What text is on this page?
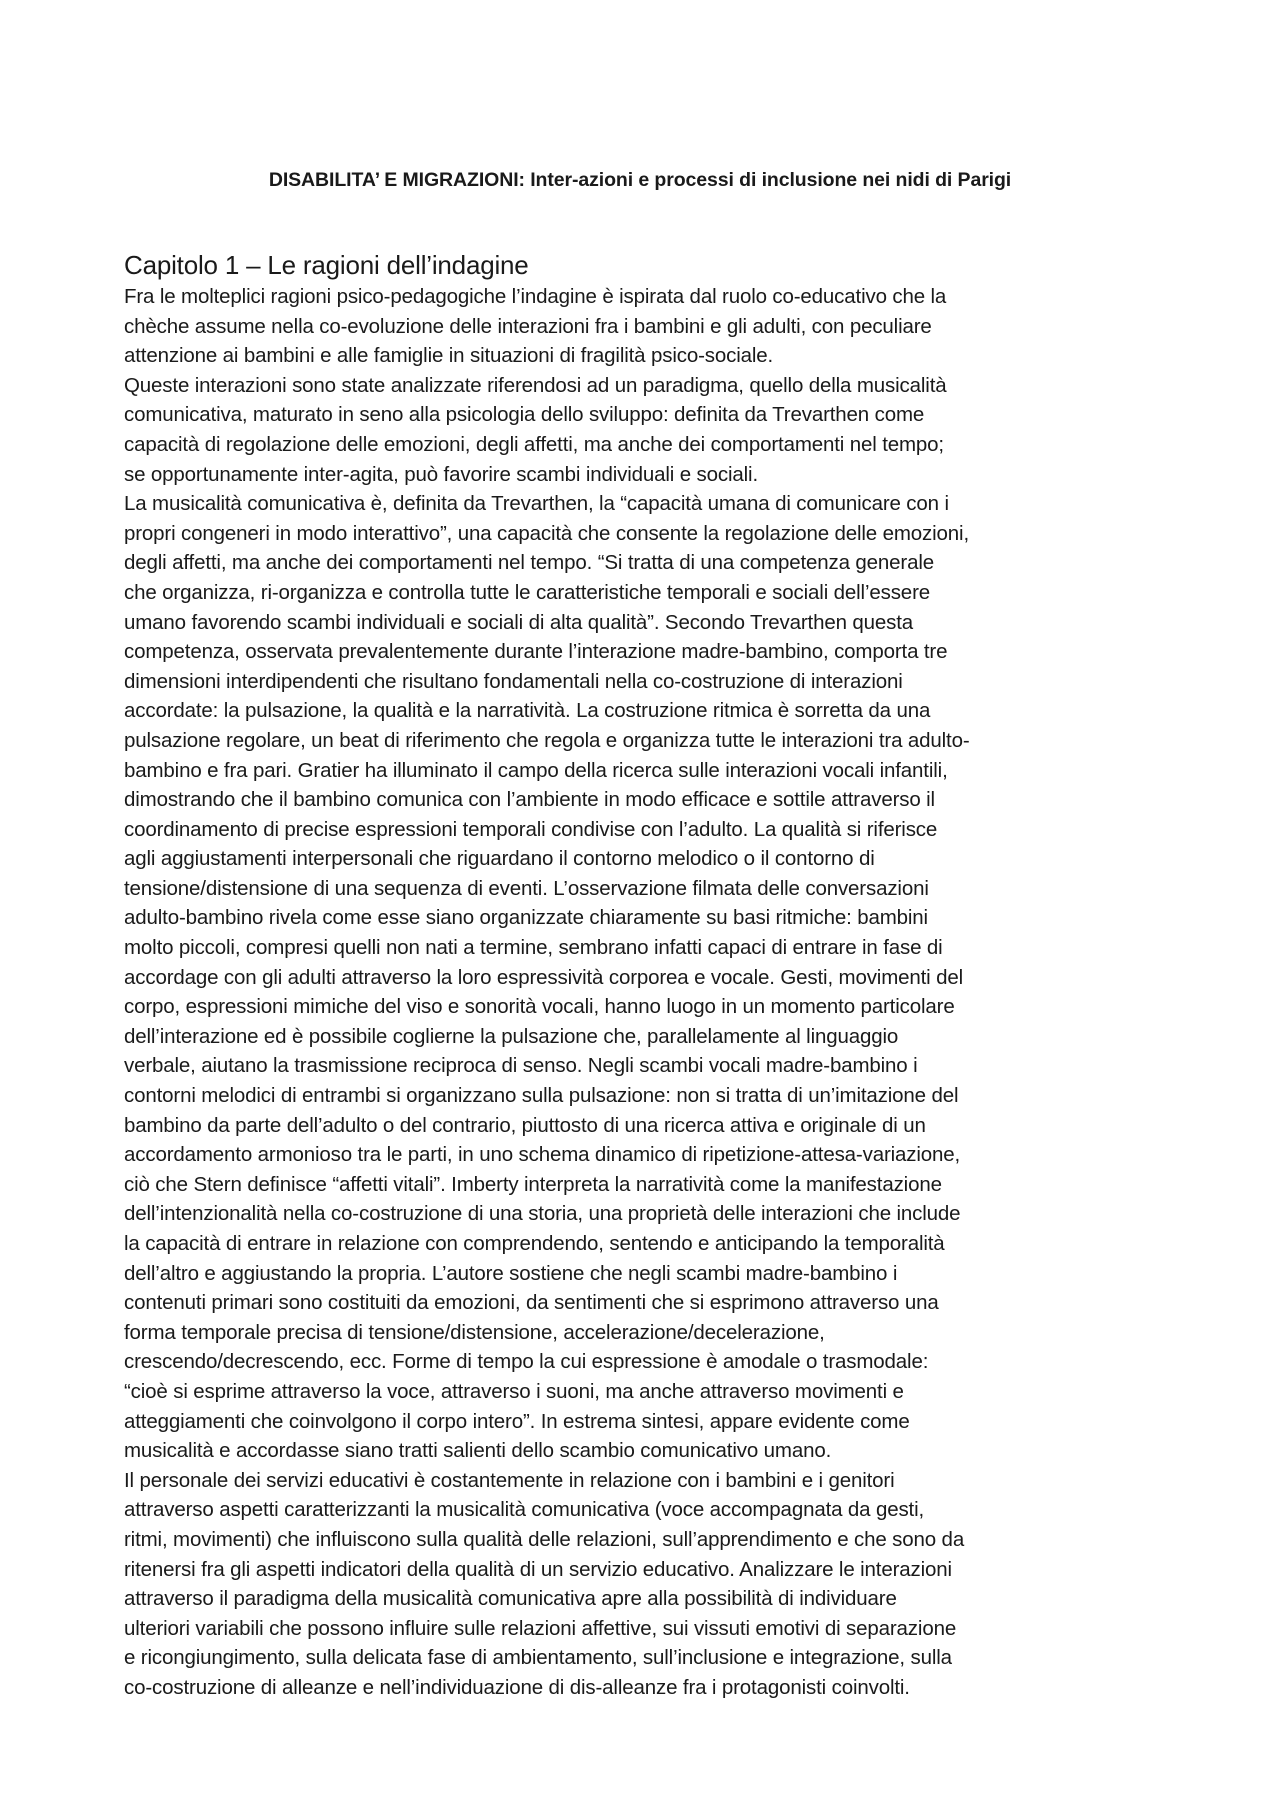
DISABILITA’ E MIGRAZIONI: Inter-azioni e processi di inclusione nei nidi di Parigi
Capitolo 1 – Le ragioni dell’indagine
Fra le molteplici ragioni psico-pedagogiche l’indagine è ispirata dal ruolo co-educativo che la
chèche assume nella co-evoluzione delle interazioni fra i bambini e gli adulti, con peculiare
attenzione ai bambini e alle famiglie in situazioni di fragilità psico-sociale.
Queste interazioni sono state analizzate riferendosi ad un paradigma, quello della musicalità
comunicativa, maturato in seno alla psicologia dello sviluppo: definita da Trevarthen come
capacità di regolazione delle emozioni, degli affetti, ma anche dei comportamenti nel tempo;
se opportunamente inter-agita, può favorire scambi individuali e sociali.
La musicalità comunicativa è, definita da Trevarthen, la “capacità umana di comunicare con i
propri congeneri in modo interattivo”, una capacità che consente la regolazione delle emozioni,
degli affetti, ma anche dei comportamenti nel tempo. “Si tratta di una competenza generale
che organizza, ri-organizza e controlla tutte le caratteristiche temporali e sociali dell’essere
umano favorendo scambi individuali e sociali di alta qualità”. Secondo Trevarthen questa
competenza, osservata prevalentemente durante l’interazione madre-bambino, comporta tre
dimensioni interdipendenti che risultano fondamentali nella co-costruzione di interazioni
accordate: la pulsazione, la qualità e la narratività. La costruzione ritmica è sorretta da una
pulsazione regolare, un beat di riferimento che regola e organizza tutte le interazioni tra adulto-
bambino e fra pari. Gratier ha illuminato il campo della ricerca sulle interazioni vocali infantili,
dimostrando che il bambino comunica con l’ambiente in modo efficace e sottile attraverso il
coordinamento di precise espressioni temporali condivise con l’adulto. La qualità si riferisce
agli aggiustamenti interpersonali che riguardano il contorno melodico o il contorno di
tensione/distensione di una sequenza di eventi. L’osservazione filmata delle conversazioni
adulto-bambino rivela come esse siano organizzate chiaramente su basi ritmiche: bambini
molto piccoli, compresi quelli non nati a termine, sembrano infatti capaci di entrare in fase di
accordage con gli adulti attraverso la loro espressività corporea e vocale. Gesti, movimenti del
corpo, espressioni mimiche del viso e sonorità vocali, hanno luogo in un momento particolare
dell’interazione ed è possibile coglierne la pulsazione che, parallelamente al linguaggio
verbale, aiutano la trasmissione reciproca di senso. Negli scambi vocali madre-bambino i
contorni melodici di entrambi si organizzano sulla pulsazione: non si tratta di un’imitazione del
bambino da parte dell’adulto o del contrario, piuttosto di una ricerca attiva e originale di un
accordamento armonioso tra le parti, in uno schema dinamico di ripetizione-attesa-variazione,
ciò che Stern definisce “affetti vitali”. Imberty interpreta la narratività come la manifestazione
dell’intenzionalità nella co-costruzione di una storia, una proprietà delle interazioni che include
la capacità di entrare in relazione con comprendendo, sentendo e anticipando la temporalità
dell’altro e aggiustando la propria. L’autore sostiene che negli scambi madre-bambino i
contenuti primari sono costituiti da emozioni, da sentimenti che si esprimono attraverso una
forma temporale precisa di tensione/distensione, accelerazione/decelerazione,
crescendo/decrescendo, ecc. Forme di tempo la cui espressione è amodale o trasmodale:
“cioè si esprime attraverso la voce, attraverso i suoni, ma anche attraverso movimenti e
atteggiamenti che coinvolgono il corpo intero”. In estrema sintesi, appare evidente come
musicalità e accordasse siano tratti salienti dello scambio comunicativo umano.
Il personale dei servizi educativi è costantemente in relazione con i bambini e i genitori
attraverso aspetti caratterizzanti la musicalità comunicativa (voce accompagnata da gesti,
ritmi, movimenti) che influiscono sulla qualità delle relazioni, sull’apprendimento e che sono da
ritenersi fra gli aspetti indicatori della qualità di un servizio educativo. Analizzare le interazioni
attraverso il paradigma della musicalità comunicativa apre alla possibilità di individuare
ulteriori variabili che possono influire sulle relazioni affettive, sui vissuti emotivi di separazione
e ricongiungimento, sulla delicata fase di ambientamento, sull’inclusione e integrazione, sulla
co-costruzione di alleanze e nell’individuazione di dis-alleanze fra i protagonisti coinvolti.
